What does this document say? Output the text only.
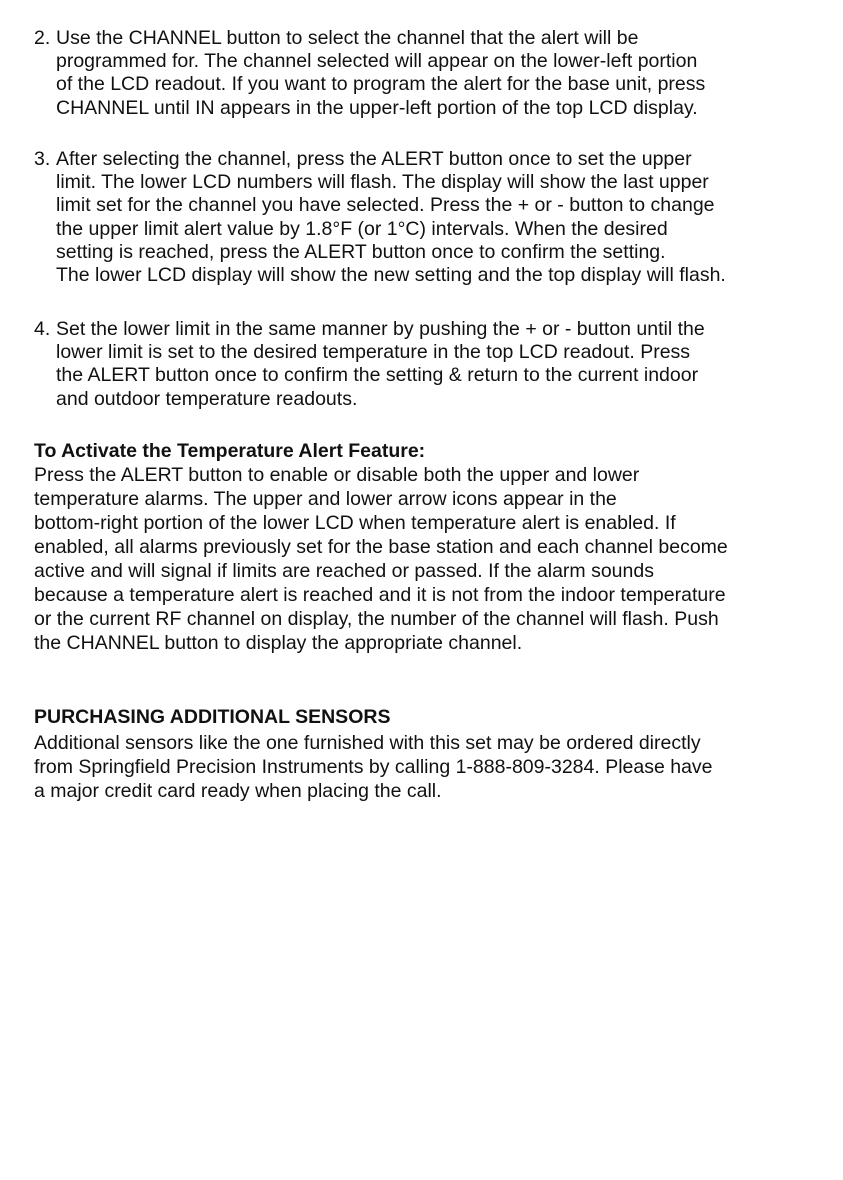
2. Use the CHANNEL button to select the channel that the alert will be
programmed for. The channel selected will appear on the lower-left portion
of the LCD readout. If you want to program the alert for the base unit, press
CHANNEL until IN appears in the upper-left portion of the top LCD display.
3. After selecting the channel, press the ALERT button once to set the upper
limit. The lower LCD numbers will flash. The display will show the last upper
limit set for the channel you have selected. Press the + or - button to change
the upper limit alert value by 1.8°F (or 1°C) intervals. When the desired
setting is reached, press the ALERT button once to confirm the setting.
The lower LCD display will show the new setting and the top display will flash.
4. Set the lower limit in the same manner by pushing the + or - button until the
lower limit is set to the desired temperature in the top LCD readout. Press
the ALERT button once to confirm the setting & return to the current indoor
and outdoor temperature readouts.
To Activate the Temperature Alert Feature:
Press the ALERT button to enable or disable both the upper and lower
temperature alarms. The upper and lower arrow icons appear in the
bottom-right portion of the lower LCD when temperature alert is enabled. If
enabled, all alarms previously set for the base station and each channel become
active and will signal if limits are reached or passed. If the alarm sounds
because a temperature alert is reached and it is not from the indoor temperature
or the current RF channel on display, the number of the channel will flash. Push
the CHANNEL button to display the appropriate channel.
PURCHASING ADDITIONAL SENSORS
Additional sensors like the one furnished with this set may be ordered directly
from Springfield Precision Instruments by calling 1-888-809-3284. Please have
a major credit card ready when placing the call.
